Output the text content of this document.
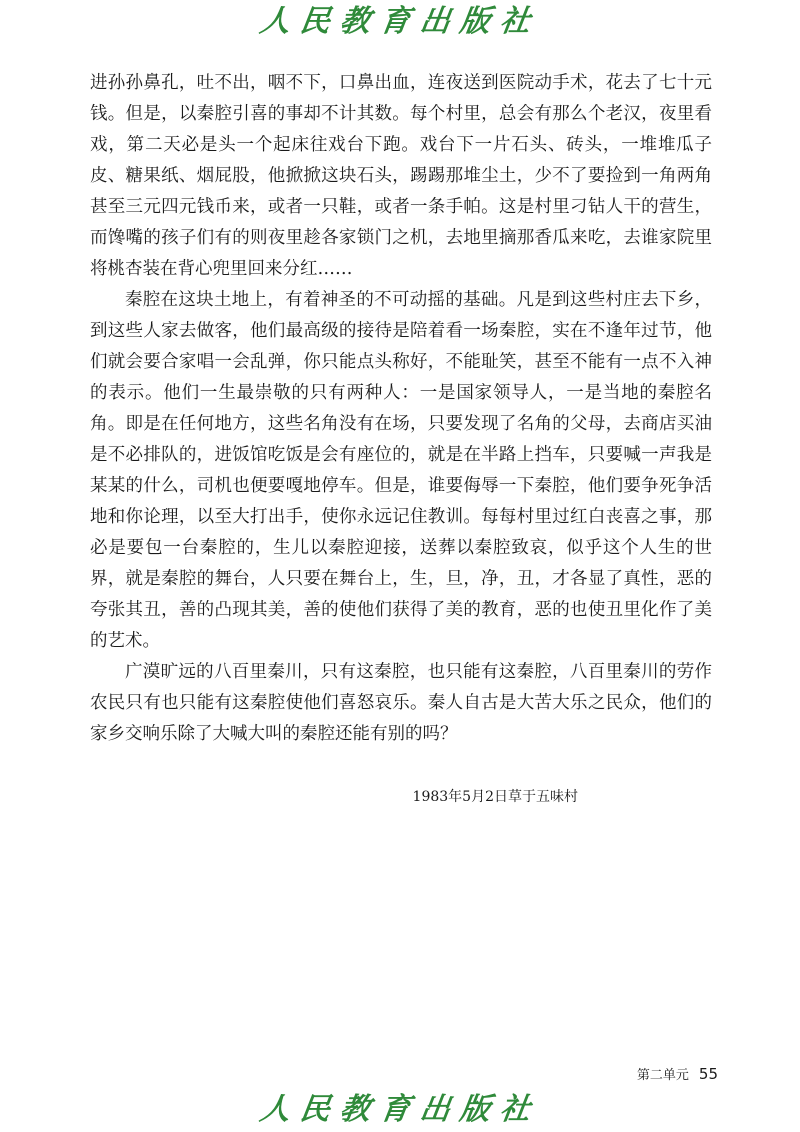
人民教育出版社

进孙孙鼻孔，吐不出，咽不下，口鼻出血，连夜送到医院动手术，花去了七十元钱。但是，以秦腔引喜的事却不计其数。每个村里，总会有那么个老汉，夜里看戏，第二天必是头一个起床往戏台下跑。戏台下一片石头、砖头，一堆堆瓜子皮、糖果纸、烟屁股，他掀掀这块石头，踢踢那堆尘土，少不了要捡到一角两角甚至三元四元钱币来，或者一只鞋，或者一条手帕。这是村里刁钻人干的营生，而馋嘴的孩子们有的则夜里趁各家锁门之机，去地里摘那香瓜来吃，去谁家院里将桃杏装在背心兜里回来分红……

秦腔在这块土地上，有着神圣的不可动摇的基础。凡是到这些村庄去下乡，到这些人家去做客，他们最高级的接待是陪着看一场秦腔，实在不逢年过节，他们就会要合家唱一会乱弹，你只能点头称好，不能耻笑，甚至不能有一点不入神的表示。他们一生最崇敬的只有两种人：一是国家领导人，一是当地的秦腔名角。即是在任何地方，这些名角没有在场，只要发现了名角的父母，去商店买油是不必排队的，进饭馆吃饭是会有座位的，就是在半路上挡车，只要喊一声我是某某的什么，司机也便要嘎地停车。但是，谁要侮辱一下秦腔，他们要争死争活地和你论理，以至大打出手，使你永远记住教训。每每村里过红白丧喜之事，那必是要包一台秦腔的，生儿以秦腔迎接，送葬以秦腔致哀，似乎这个人生的世界，就是秦腔的舞台，人只要在舞台上，生，旦，净，丑，才各显了真性，恶的夸张其丑，善的凸现其美，善的使他们获得了美的教育，恶的也使丑里化作了美的艺术。

广漠旷远的八百里秦川，只有这秦腔，也只能有这秦腔，八百里秦川的劳作农民只有也只能有这秦腔使他们喜怒哀乐。秦人自古是大苦大乐之民众，他们的家乡交响乐除了大喊大叫的秦腔还能有别的吗？

1983年5月2日草于五味村
第二单元 55
人民教育出版社
